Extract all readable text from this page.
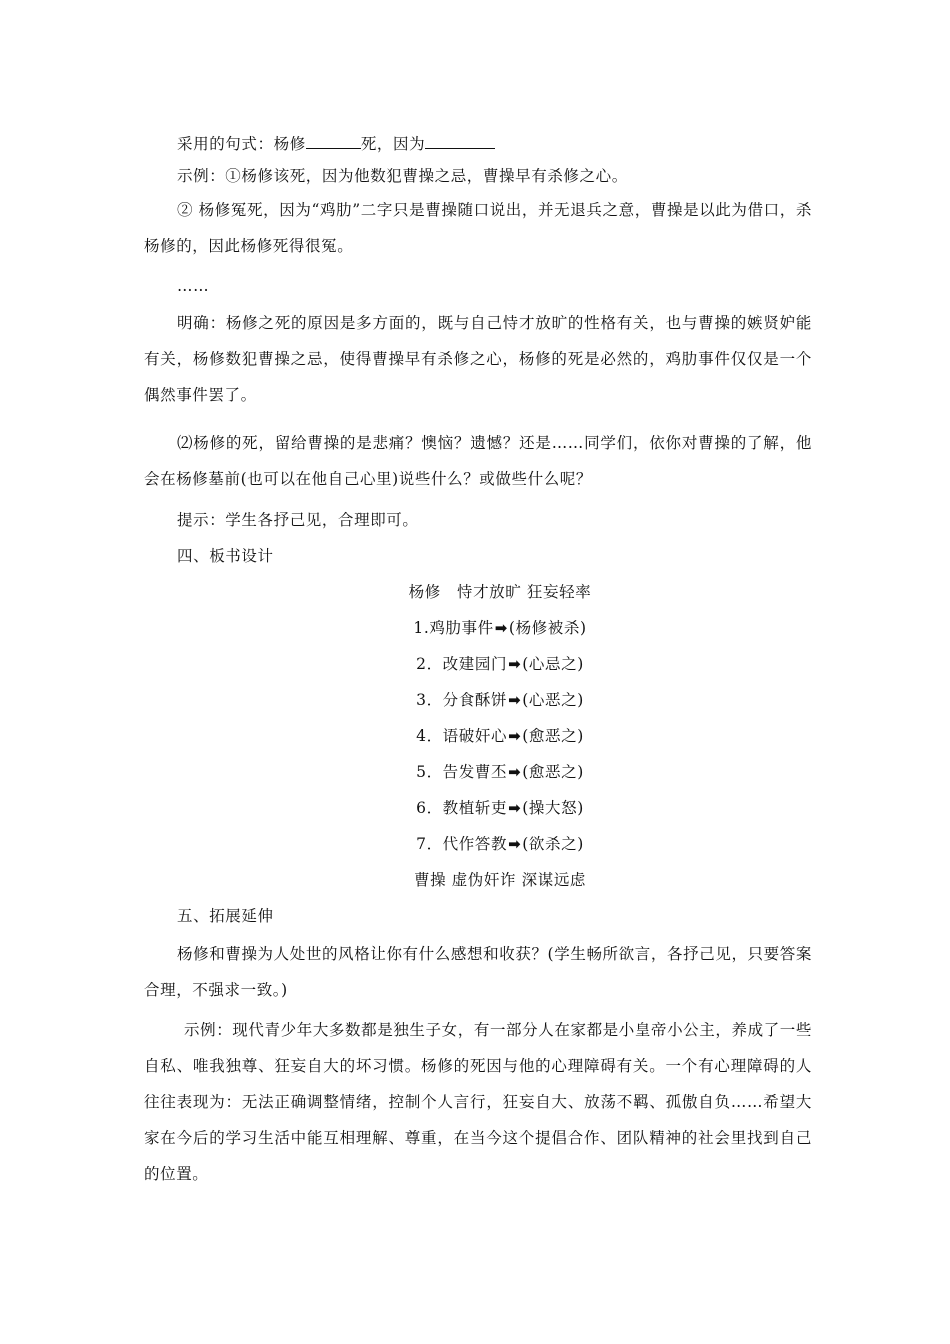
采用的句式：杨修	死，因为

示例：①杨修该死，因为他数犯曹操之忌，曹操早有杀修之心。

② 杨修冤死，因为“鸡肋”二字只是曹操随口说出，并无退兵之意，曹操是以此为借口，杀杨修的，因此杨修死得很冤。

……

明确：杨修之死的原因是多方面的，既与自己恃才放旷的性格有关，也与曹操的嫉贤妒能有关，杨修数犯曹操之忌，使得曹操早有杀修之心，杨修的死是必然的，鸡肋事件仅仅是一个偶然事件罢了。

⑵杨修的死，留给曹操的是悲痛？懊恼？遗憾？还是……同学们，依你对曹操的了解，他会在杨修墓前(也可以在他自己心里)说些什么？或做些什么呢？

提示：学生各抒己见，合理即可。

四、板书设计

杨修　恃才放旷 狂妄轻率

1.鸡肋事件➡(杨修被杀)

2．改建园门➡(心忌之)

3．分食酥饼➡(心恶之)

4．语破奸心➡(愈恶之)

5．告发曹丕➡(愈恶之)

6．教植斩吏➡(操大怒)

7．代作答教➡(欲杀之)

曹操 虚伪奸诈 深谋远虑

五、拓展延伸

杨修和曹操为人处世的风格让你有什么感想和收获？(学生畅所欲言，各抒己见，只要答案合理，不强求一致。)

示例：现代青少年大多数都是独生子女，有一部分人在家都是小皇帝小公主，养成了一些自私、唯我独尊、狂妄自大的坏习惯。杨修的死因与他的心理障碍有关。一个有心理障碍的人往往表现为：无法正确调整情绪，控制个人言行，狂妄自大、放荡不羁、孤傲自负……希望大家在今后的学习生活中能互相理解、尊重，在当今这个提倡合作、团队精神的社会里找到自己的位置。
